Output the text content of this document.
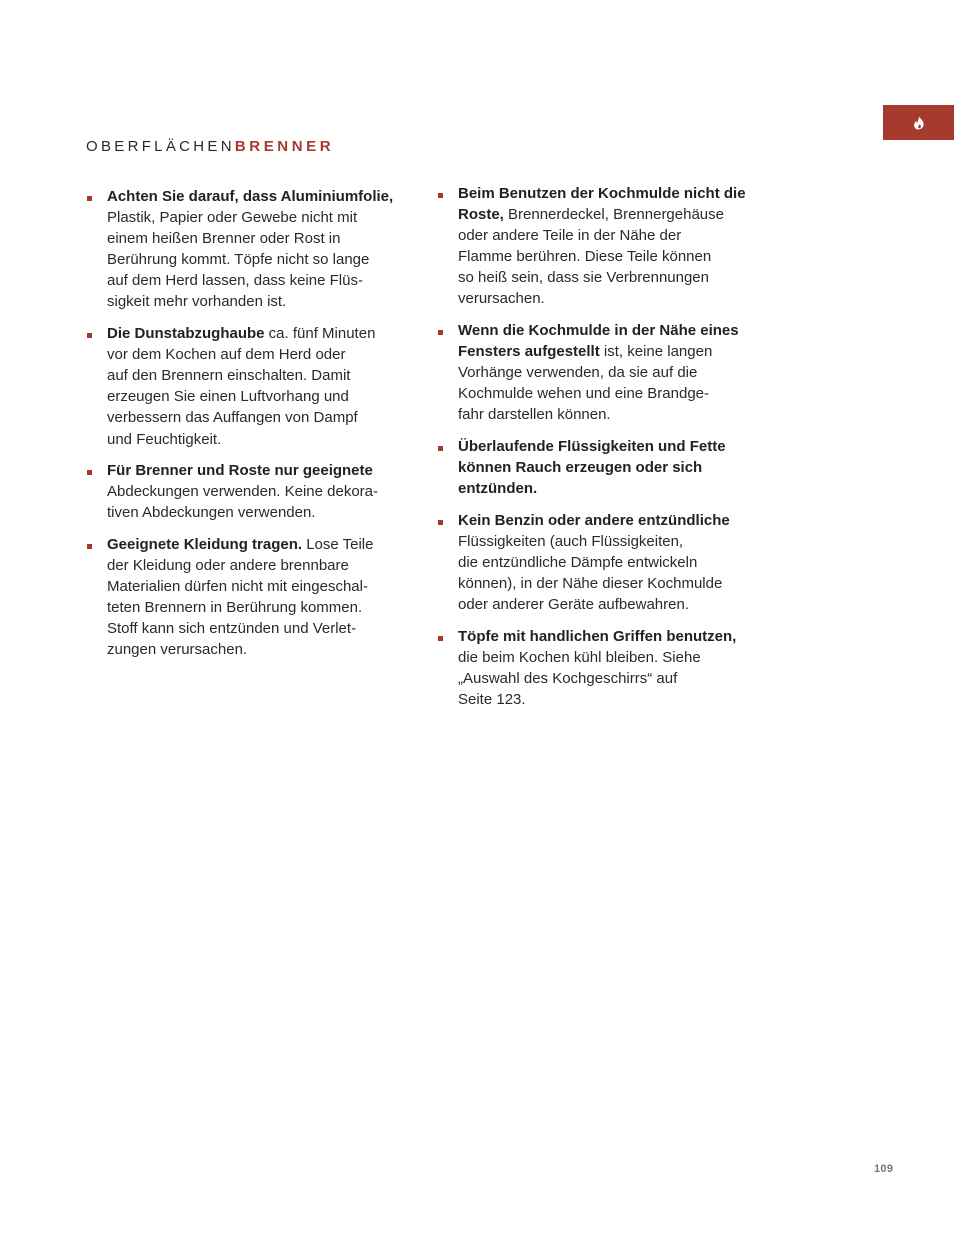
OBERFLÄCHENBRENNER
Achten Sie darauf, dass Aluminiumfolie,
Plastik, Papier oder Gewebe nicht mit
einem heißen Brenner oder Rost in
Berührung kommt. Töpfe nicht so lange
auf dem Herd lassen, dass keine Flüs-
sigkeit mehr vorhanden ist.
Die Dunstabzughaube ca. fünf Minuten
vor dem Kochen auf dem Herd oder
auf den Brennern einschalten. Damit
erzeugen Sie einen Luftvorhang und
verbessern das Auffangen von Dampf
und Feuchtigkeit.
Für Brenner und Roste nur geeignete
Abdeckungen verwenden. Keine dekora-
tiven Abdeckungen verwenden.
Geeignete Kleidung tragen. Lose Teile
der Kleidung oder andere brennbare
Materialien dürfen nicht mit eingeschal-
teten Brennern in Berührung kommen.
Stoff kann sich entzünden und Verlet-
zungen verursachen.
Beim Benutzen der Kochmulde nicht die
Roste, Brennerdeckel, Brennergehäuse
oder andere Teile in der Nähe der
Flamme berühren. Diese Teile können
so heiß sein, dass sie Verbrennungen
verursachen.
Wenn die Kochmulde in der Nähe eines
Fensters aufgestellt ist, keine langen
Vorhänge verwenden, da sie auf die
Kochmulde wehen und eine Brandge-
fahr darstellen können.
Überlaufende Flüssigkeiten und Fette
können Rauch erzeugen oder sich
entzünden.
Kein Benzin oder andere entzündliche
Flüssigkeiten (auch Flüssigkeiten,
die entzündliche Dämpfe entwickeln
können), in der Nähe dieser Kochmulde
oder anderer Geräte aufbewahren.
Töpfe mit handlichen Griffen benutzen,
die beim Kochen kühl bleiben. Siehe
„Auswahl des Kochgeschirrs“ auf
Seite 123.
109
